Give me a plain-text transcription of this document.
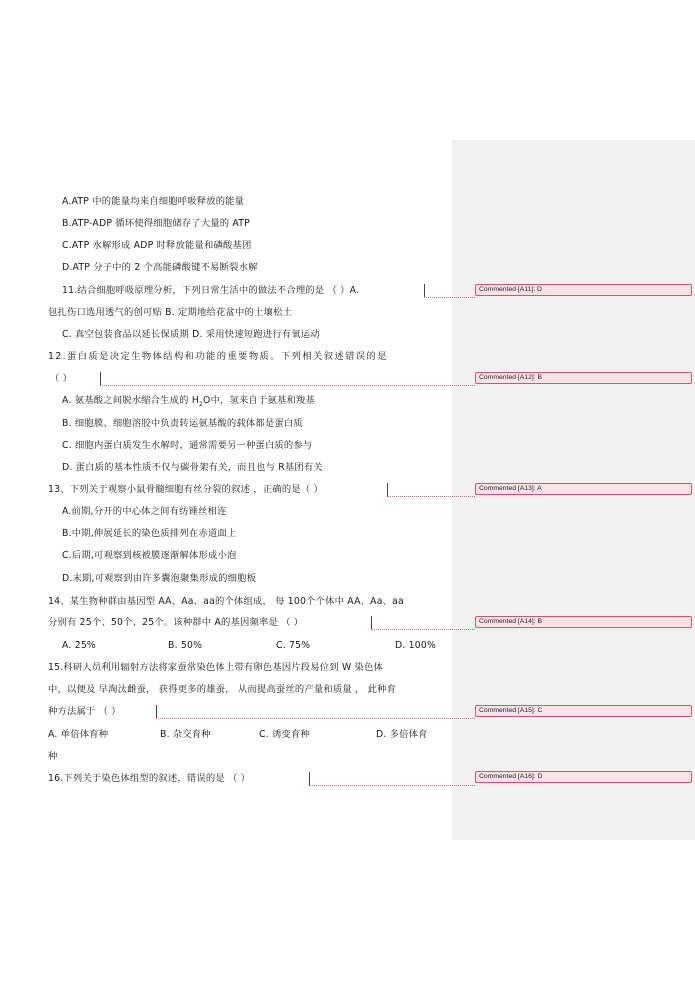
A.ATP 中的能量均来自细胞呼吸释放的能量
B.ATP-ADP 循环使得细胞储存了大量的 ATP
C.ATP 水解形成 ADP 时释放能量和磷酸基团
D.ATP 分子中的 2 个高能磷酸键不易断裂水解
11.结合细胞呼吸原理分析，下列日常生活中的做法不合理的是 （ ）A.
包扎伤口选用透气的创可贴 B. 定期地给花盆中的土壤松土
C. 真空包装食品以延长保质期 D. 采用快速短跑进行有氧运动
12.蛋白质是决定生物体结构和功能的重要物质。下列相关叙述错误的是
（ ）
A. 氨基酸之间脱水缩合生成的 $H_2O$中，氢来自于氨基和羧基
B. 细胞膜、细胞溶胶中负责转运氨基酸的载体都是蛋白质
C. 细胞内蛋白质发生水解时，通常需要另一种蛋白质的参与
D. 蛋白质的基本性质不仅与碳骨架有关，而且也与 R基团有关
13、下列关于观察小鼠骨髓细胞有丝分裂的叙述 ，正确的是（ ）
A.前期,分开的中心体之间有纺锤丝相连
B.中期,伸展延长的染色质排列在赤道面上
C.后期,可观察到核被膜逐渐解体形成小泡
D.末期,可观察到由许多囊泡聚集形成的细胞板
14、某生物种群由基因型 AA、Aa、aa的个体组成， 每 100个个体中 AA、Aa、aa
分别有 25个、50个、25个。该种群中 A的基因频率是 （ ）
A. 25%	B. 50%	C. 75%	D. 100%
15.科研人员利用辐射方法将家蚕常染色体上带有卵色基因片段易位到 W 染色体
中，以便及 早淘汰雌蚕， 获得更多的雄蚕， 从而提高蚕丝的产量和质量 ， 此种育
种方法属于 （ ）
A. 单倍体育种	B. 杂交育种	C. 诱变育种	D. 多倍体育
种
16.下列关于染色体组型的叙述，错误的是 （ ）
Commented [A11]: D
Commented [A12]: B
Commented [A13]: A
Commented [A14]: B
Commented [A15]: C
Commented [A16]: D
